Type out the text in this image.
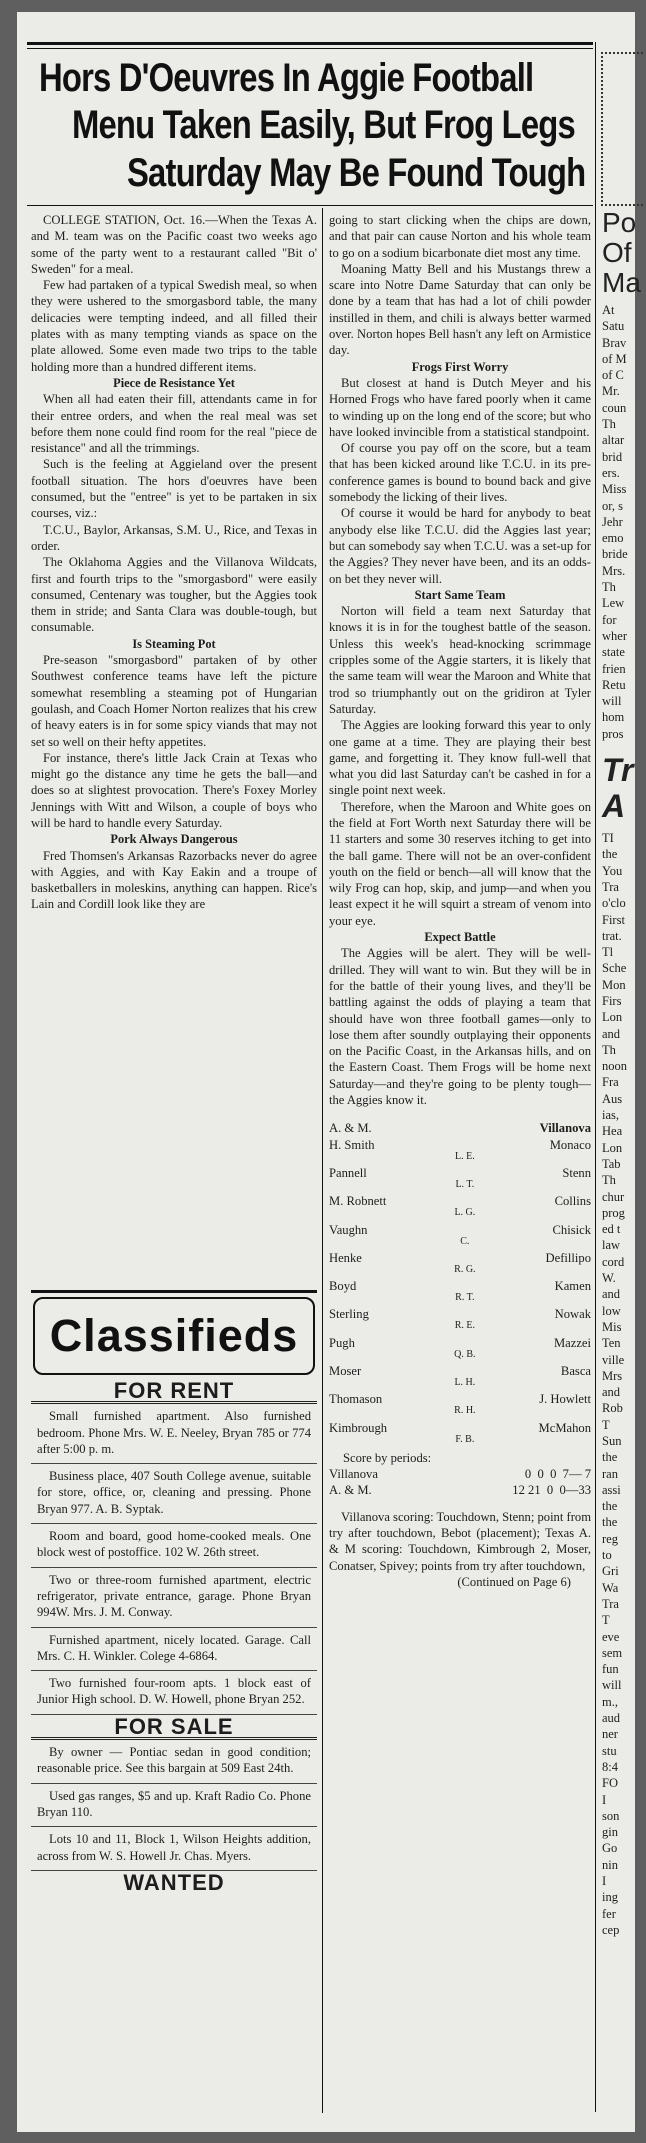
Hors D'Oeuvres In Aggie Football
Menu Taken Easily, But Frog Legs
Saturday May Be Found Tough

COLLEGE STATION, Oct. 16.—When the Texas A. and M. team was on the Pacific coast two weeks ago some of the party went to a restaurant called "Bit o' Sweden" for a meal.

Few had partaken of a typical Swedish meal, so when they were ushered to the smorgasbord table, the many delicacies were tempting indeed, and all filled their plates with as many tempting viands as space on the plate allowed. Some even made two trips to the table holding more than a hundred different items.

Piece de Resistance Yet

When all had eaten their fill, attendants came in for their entree orders, and when the real meal was set before them none could find room for the real "piece de resistance" and all the trimmings.

Such is the feeling at Aggieland over the present football situation. The hors d'oeuvres have been consumed, but the "entree" is yet to be partaken in six courses, viz.:

T.C.U., Baylor, Arkansas, S.M. U., Rice, and Texas in order.

The Oklahoma Aggies and the Villanova Wildcats, first and fourth trips to the "smorgasbord" were easily consumed, Centenary was tougher, but the Aggies took them in stride; and Santa Clara was double-tough, but consumable.

Is Steaming Pot

Pre-season "smorgasbord" partaken of by other Southwest conference teams have left the picture somewhat resembling a steaming pot of Hungarian goulash, and Coach Homer Norton realizes that his crew of heavy eaters is in for some spicy viands that may not set so well on their hefty appetites.

For instance, there's little Jack Crain at Texas who might go the distance any time he gets the ball—and does so at slightest provocation. There's Foxey Morley Jennings with Witt and Wilson, a couple of boys who will be hard to handle every Saturday.

Pork Always Dangerous

Fred Thomsen's Arkansas Razorbacks never do agree with Aggies, and with Kay Eakin and a troupe of basketballers in moleskins, anything can happen. Rice's Lain and Cordill look like they are

Classifieds
FOR RENT

Small furnished apartment. Also furnished bedroom. Phone Mrs. W. E. Neeley, Bryan 785 or 774 after 5:00 p. m.

Business place, 407 South College avenue, suitable for store, office, or, cleaning and pressing. Phone Bryan 977. A. B. Syptak.

Room and board, good home-cooked meals. One block west of postoffice. 102 W. 26th street.

Two or three-room furnished apartment, electric refrigerator, private entrance, garage. Phone Bryan 994W. Mrs. J. M. Conway.

Furnished apartment, nicely located. Garage. Call Mrs. C. H. Winkler. Colege 4-6864.

Two furnished four-room apts. 1 block east of Junior High school. D. W. Howell, phone Bryan 252.

FOR SALE

By owner — Pontiac sedan in good condition; reasonable price. See this bargain at 509 East 24th.

Used gas ranges, $5 and up. Kraft Radio Co. Phone Bryan 110.

Lots 10 and 11, Block 1, Wilson Heights addition, across from W. S. Howell Jr. Chas. Myers.

WANTED

going to start clicking when the chips are down, and that pair can cause Norton and his whole team to go on a sodium bicarbonate diet most any time.

Moaning Matty Bell and his Mustangs threw a scare into Notre Dame Saturday that can only be done by a team that has had a lot of chili powder instilled in them, and chili is always better warmed over. Norton hopes Bell hasn't any left on Armistice day.

Frogs First Worry

But closest at hand is Dutch Meyer and his Horned Frogs who have fared poorly when it came to winding up on the long end of the score; but who have looked invincible from a statistical standpoint.

Of course you pay off on the score, but a team that has been kicked around like T.C.U. in its pre-conference games is bound to bound back and give somebody the licking of their lives.

Of course it would be hard for anybody to beat anybody else like T.C.U. did the Aggies last year; but can somebody say when T.C.U. was a set-up for the Aggies? They never have been, and its an odds-on bet they never will.

Start Same Team

Norton will field a team next Saturday that knows it is in for the toughest battle of the season. Unless this week's head-knocking scrimmage cripples some of the Aggie starters, it is likely that the same team will wear the Maroon and White that trod so triumphantly out on the gridiron at Tyler Saturday.

The Aggies are looking forward this year to only one game at a time. They are playing their best game, and forgetting it. They know full-well that what you did last Saturday can't be cashed in for a single point next week.

Therefore, when the Maroon and White goes on the field at Fort Worth next Saturday there will be 11 starters and some 30 reserves itching to get into the ball game. There will not be an over-confident youth on the field or bench—all will know that the wily Frog can hop, skip, and jump—and when you least expect it he will squirt a stream of venom into your eye.

Expect Battle

The Aggies will be alert. They will be well-drilled. They will want to win. But they will be in for the battle of their young lives, and they'll be battling against the odds of playing a team that should have won three football games—only to lose them after soundly outplaying their opponents on the Pacific Coast, in the Arkansas hills, and on the Eastern Coast. Them Frogs will be home next Saturday—and they're going to be plenty tough—the Aggies know it.

A. & M.		Villanova
H. Smith	L. E.	Monaco
Pannell	L. T.	Stenn
M. Robnett	L. G.	Collins
Vaughn	C.	Chisick
Henke	R. G.	Defillipo
Boyd	R. T.	Kamen
Sterling	R. E.	Nowak
Pugh	Q. B.	Mazzei
Moser	L. H.	Basca
Thomason	R. H.	J. Howlett
Kimbrough	F. B.	McMahon
Score by periods:
Villanova	0  0  0  7— 7
A. & M.	12 21  0  0—33

Villanova scoring: Touchdown, Stenn; point from try after touchdown, Bebot (placement); Texas A. & M scoring: Touchdown, Kimbrough 2, Moser, Conatser, Spivey; points from try after touchdown,

(Continued on Page 6)
Po
Of
Ma
At
Satu
Brav
of M
of C
Mr.
coun
Th
altar
brid
ers.
Miss
or, s
Jehr
emo
bride
Mrs.
Th
Lew
for
wher
state
frien
Retu
will
hom
pros
Tr
A
TI
the
You
Tra
o'clo
First
trat.
Tl
Sche
Mon
Firs
Lon
and
Th
noon
Fra
Aus
ias,
Hea
Lon
Tab
Th
chur
prog
ed t
law
cord
W.
and
low
Mis
Ten
ville
Mrs
and
Rob
T
Sun
the
ran
assi
the
the
reg
to
Gri
Wa
Tra
T
eve
sem
fun
will
m.,
aud
ner
stu
8:4
FO
I
son
gin
Go
nin
I
ing
fer
cep
